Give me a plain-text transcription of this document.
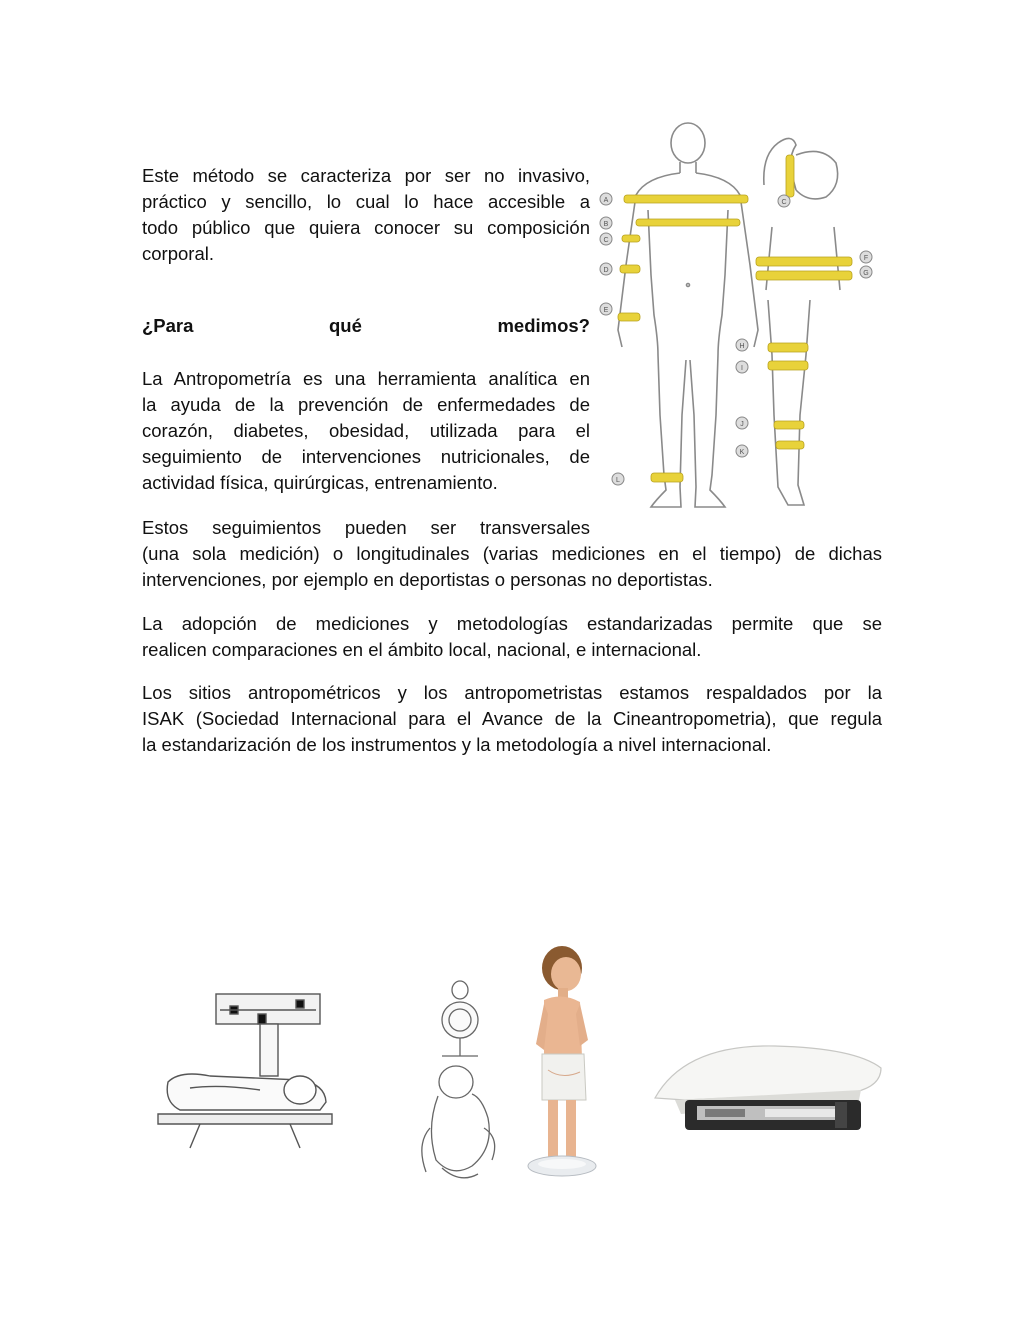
Este método se caracteriza por ser no invasivo,
práctico y sencillo, lo cual lo hace accesible a
todo público que quiera conocer su composición
corporal.
¿Para	qué	medimos?
La Antropometría es una herramienta analítica en
la ayuda de la prevención de enfermedades de
corazón, diabetes, obesidad, utilizada para el
seguimiento de intervenciones nutricionales, de
actividad física, quirúrgicas, entrenamiento.
Estos seguimientos pueden ser transversales
(una sola medición) o longitudinales (varias mediciones en el tiempo) de dichas
intervenciones, por ejemplo en deportistas o personas no deportistas.
La adopción de mediciones y metodologías estandarizadas permite que se
realicen comparaciones en el ámbito local, nacional, e internacional.
Los sitios antropométricos y los antropometristas estamos respaldados por la
ISAK (Sociedad Internacional para el Avance de la Cineantropometria), que regula
la estandarización de los instrumentos y la metodología a nivel internacional.
A
B
C
D
E
L
C
F
G
H
I
J
K
